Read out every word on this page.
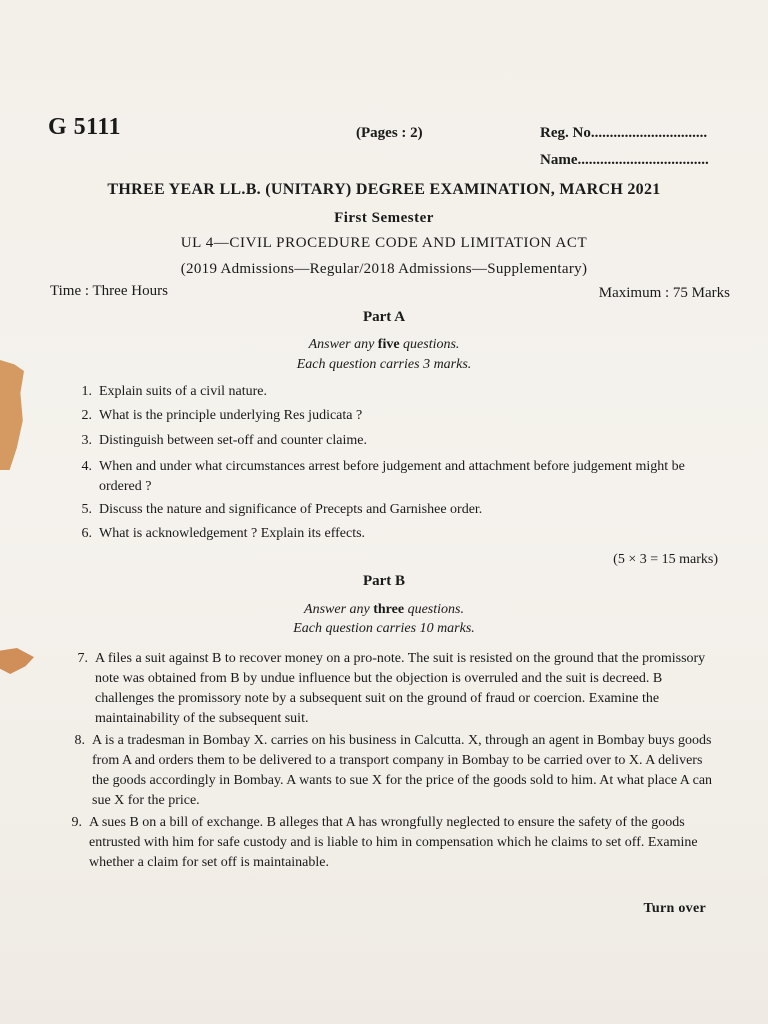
G 5111	(Pages : 2)	Reg. No...............................
Name...................................
THREE YEAR LL.B. (UNITARY) DEGREE EXAMINATION, MARCH 2021
First Semester
UL 4—CIVIL PROCEDURE CODE AND LIMITATION ACT
(2019 Admissions—Regular/2018 Admissions—Supplementary)
Time : Three Hours	Maximum : 75 Marks
Part A
Answer any five questions.
Each question carries 3 marks.
1. Explain suits of a civil nature.
2. What is the principle underlying Res judicata ?
3. Distinguish between set-off and counter claime.
4. When and under what circumstances arrest before judgement and attachment before judgement might be ordered ?
5. Discuss the nature and significance of Precepts and Garnishee order.
6. What is acknowledgement ? Explain its effects.
(5 × 3 = 15 marks)
Part B
Answer any three questions.
Each question carries 10 marks.
7. A files a suit against B to recover money on a pro-note. The suit is resisted on the ground that the promissory note was obtained from B by undue influence but the objection is overruled and the suit is decreed. B challenges the promissory note by a subsequent suit on the ground of fraud or coercion. Examine the maintainability of the subsequent suit.
8. A is a tradesman in Bombay X. carries on his business in Calcutta. X, through an agent in Bombay buys goods from A and orders them to be delivered to a transport company in Bombay to be carried over to X. A delivers the goods accordingly in Bombay. A wants to sue X for the price of the goods sold to him. At what place A can sue X for the price.
9. A sues B on a bill of exchange. B alleges that A has wrongfully neglected to ensure the safety of the goods entrusted with him for safe custody and is liable to him in compensation which he claims to set off. Examine whether a claim for set off is maintainable.
Turn over
